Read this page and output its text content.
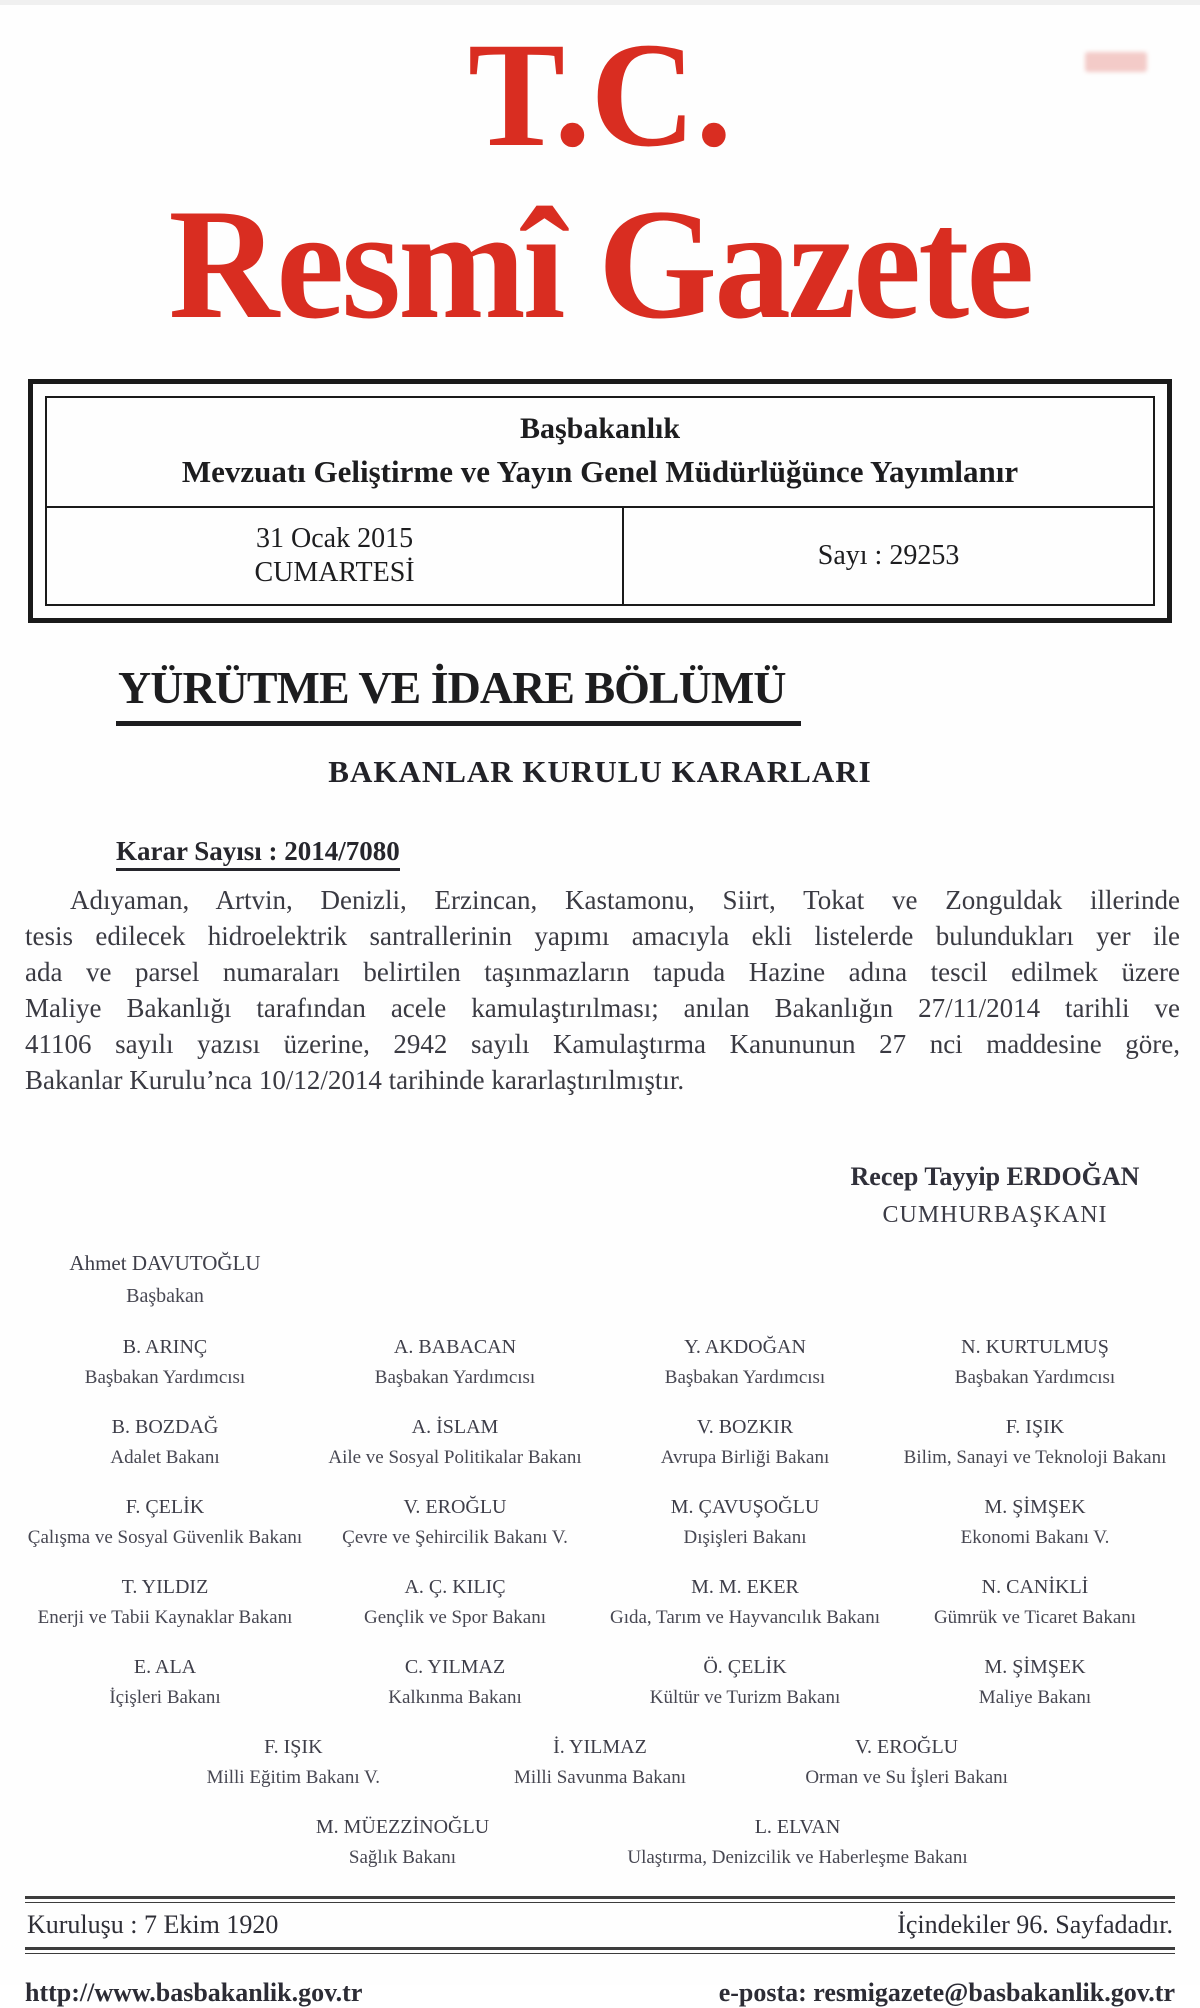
T.C.
Resmî Gazete
Başbakanlık
Mevzuatı Geliştirme ve Yayın Genel Müdürlüğünce Yayımlanır
31 Ocak 2015
CUMARTESİ
Sayı : 29253
YÜRÜTME VE İDARE BÖLÜMÜ
BAKANLAR KURULU KARARLARI
Karar Sayısı : 2014/7080
Adıyaman, Artvin, Denizli, Erzincan, Kastamonu, Siirt, Tokat ve Zonguldak illerinde
tesis edilecek hidroelektrik santrallerinin yapımı amacıyla ekli listelerde bulundukları yer ile
ada ve parsel numaraları belirtilen taşınmazların tapuda Hazine adına tescil edilmek üzere
Maliye Bakanlığı tarafından acele kamulaştırılması; anılan Bakanlığın 27/11/2014 tarihli ve
41106 sayılı yazısı üzerine, 2942 sayılı Kamulaştırma Kanununun 27 nci maddesine göre,
Bakanlar Kurulu’nca 10/12/2014 tarihinde kararlaştırılmıştır.
Recep Tayyip ERDOĞAN
CUMHURBAŞKANI
Ahmet DAVUTOĞLU
Başbakan
B. ARINÇ
Başbakan Yardımcısı
A. BABACAN
Başbakan Yardımcısı
Y. AKDOĞAN
Başbakan Yardımcısı
N. KURTULMUŞ
Başbakan Yardımcısı
B. BOZDAĞ
Adalet Bakanı
A. İSLAM
Aile ve Sosyal Politikalar Bakanı
V. BOZKIR
Avrupa Birliği Bakanı
F. IŞIK
Bilim, Sanayi ve Teknoloji Bakanı
F. ÇELİK
Çalışma ve Sosyal Güvenlik Bakanı
V. EROĞLU
Çevre ve Şehircilik Bakanı V.
M. ÇAVUŞOĞLU
Dışişleri Bakanı
M. ŞİMŞEK
Ekonomi Bakanı V.
T. YILDIZ
Enerji ve Tabii Kaynaklar Bakanı
A. Ç. KILIÇ
Gençlik ve Spor Bakanı
M. M. EKER
Gıda, Tarım ve Hayvancılık Bakanı
N. CANİKLİ
Gümrük ve Ticaret Bakanı
E. ALA
İçişleri Bakanı
C. YILMAZ
Kalkınma Bakanı
Ö. ÇELİK
Kültür ve Turizm Bakanı
M. ŞİMŞEK
Maliye Bakanı
F. IŞIK
Milli Eğitim Bakanı V.
İ. YILMAZ
Milli Savunma Bakanı
V. EROĞLU
Orman ve Su İşleri Bakanı
M. MÜEZZİNOĞLU
Sağlık Bakanı
L. ELVAN
Ulaştırma, Denizcilik ve Haberleşme Bakanı
Kuruluşu : 7 Ekim 1920	İçindekiler 96. Sayfadadır.
http://www.basbakanlik.gov.tr	e-posta: resmigazete@basbakanlik.gov.tr
